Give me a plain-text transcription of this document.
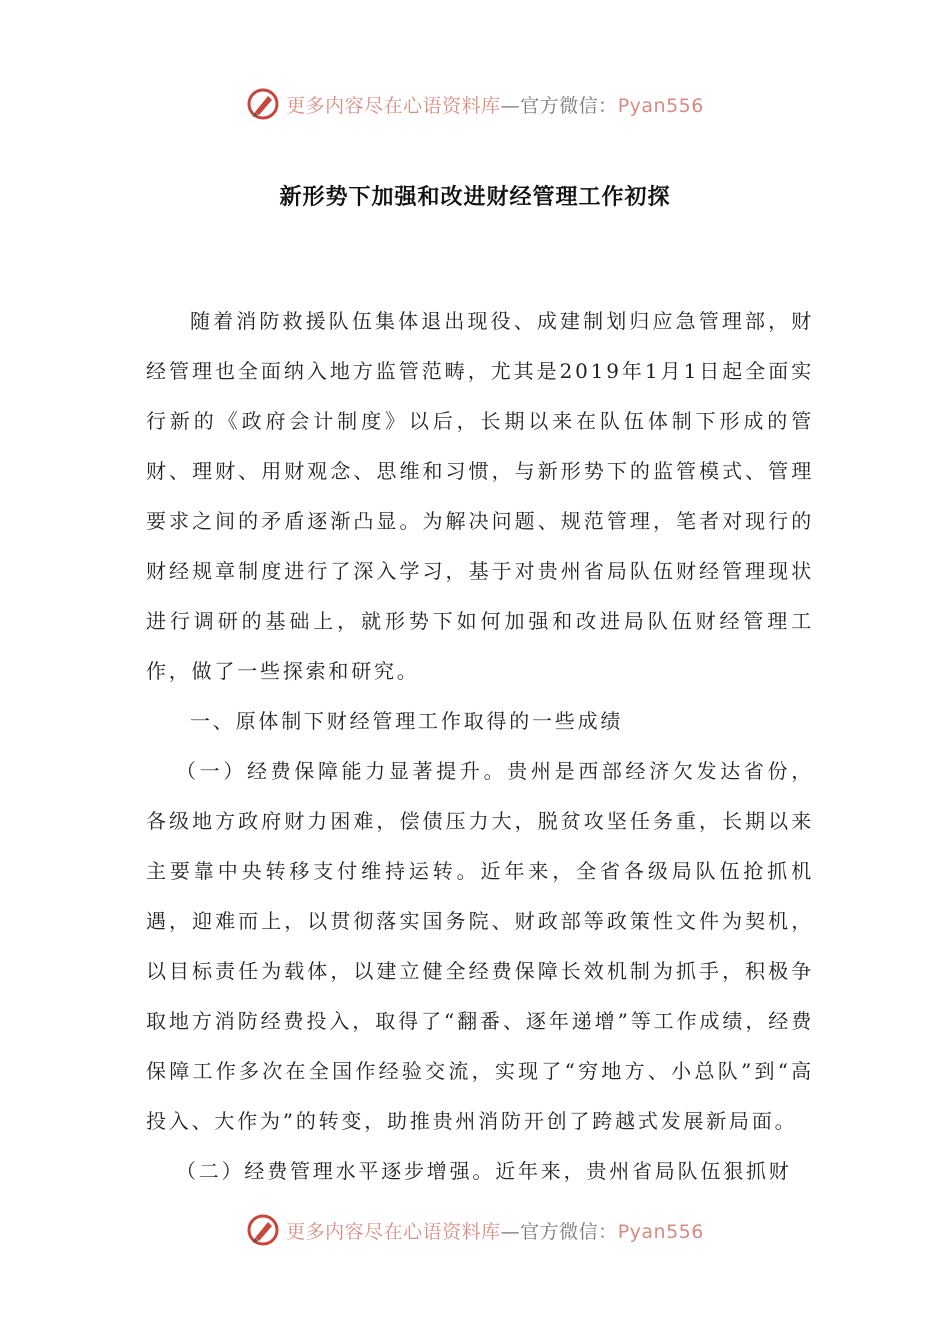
更多内容尽在心语资料库—官方微信：Pyan556
新形势下加强和改进财经管理工作初探

随着消防救援队伍集体退出现役、成建制划归应急管理部，财经管理也全面纳入地方监管范畴，尤其是2019年1月1日起全面实行新的《政府会计制度》以后，长期以来在队伍体制下形成的管财、理财、用财观念、思维和习惯，与新形势下的监管模式、管理要求之间的矛盾逐渐凸显。为解决问题、规范管理，笔者对现行的财经规章制度进行了深入学习，基于对贵州省局队伍财经管理现状进行调研的基础上，就形势下如何加强和改进局队伍财经管理工作，做了一些探索和研究。

一、原体制下财经管理工作取得的一些成绩

（一）经费保障能力显著提升。贵州是西部经济欠发达省份，各级地方政府财力困难，偿债压力大，脱贫攻坚任务重，长期以来主要靠中央转移支付维持运转。近年来，全省各级局队伍抢抓机遇，迎难而上，以贯彻落实国务院、财政部等政策性文件为契机，以目标责任为载体，以建立健全经费保障长效机制为抓手，积极争取地方消防经费投入，取得了“翻番、逐年递增”等工作成绩，经费保障工作多次在全国作经验交流，实现了“穷地方、小总队”到“高投入、大作为”的转变，助推贵州消防开创了跨越式发展新局面。

（二）经费管理水平逐步增强。近年来，贵州省局队伍狠抓财

更多内容尽在心语资料库—官方微信：Pyan556
